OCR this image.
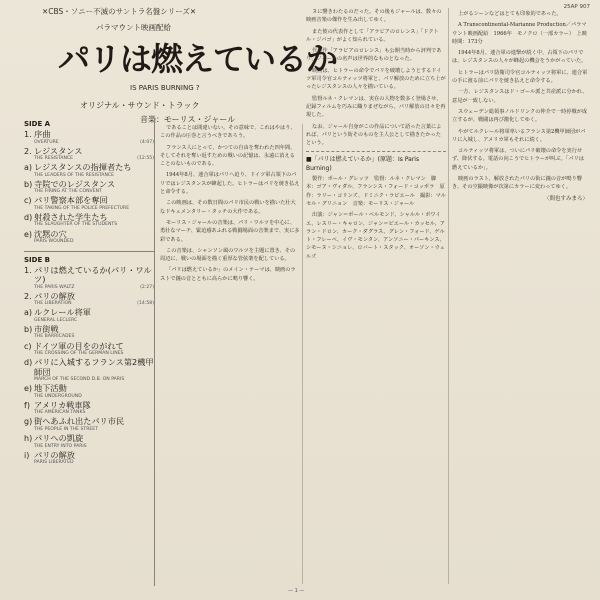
✕CBS・ソニー不滅のサントラ名盤シリーズ✕	25AP 907
パラマウント映画配給
パリは燃えているか
IS PARIS BURNING ?
オリジナル・サウンド・トラック
音楽：モーリス・ジャール
SIDE A
1. 序曲
OVERTURE	(4:07)
2. レジスタンス
THE RESISTANCE	(12:55)
a) レジスタンスの指揮者たち
THE LEADERS OF THE RESISTANCE
b) 寺院でのレジスタンス
THE FIRING AT THE CONVENT
c) パリ警察本部を奪回
THE TAKING OF THE POLICE PREFECTURE
d) 射殺された学生たち
THE SLAUGHTER OF THE STUDENTS
e) 沈黙の穴
PARIS WOUNDED
SIDE B
1. パリは燃えているか(パリ・ワルツ)
THE PARIS WALTZ	(2:27)
2. パリの解放
THE LIBERATION	(14:58)
a) ルクレール将軍
GENERAL LECLERC
b) 市街戦
THE BARRICADES
c) ドイツ軍の目をのがれて
THE CROSSING OF THE GERMAN LINES
d) パリに入城するフランス第2機甲師団
MARCH OF THE SECOND D.B. ON PARIS
e) 地下活動
THE UNDERGROUND
f) アメリカ戦車隊
THE AMERICAN TANKS
g) 街へあふれ出たパリ市民
THE PEOPLE IN THE STREET
h) パリへの凱旋
THE ENTRY INTO PARIS
i) パリの解放
PARIS LIBERATED

であることは間違いない。その意味で、これはやはり、この作品の圧巻と言うべきであろう。

フランス人にとって、かつての自由を奪われた四年間、そしてそれを奪い返すための戦いの記憶は、永遠に消えることのないものである。

1944年8月、連合軍はパリへ迫り、ドイツ軍占領下のパリではレジスタンスが蜂起した。ヒトラーはパリを焼き払えと命令する。

この映画は、その数日間のパリ市民の戦いを描いた壮大なドキュメンタリー・タッチの大作である。

モーリス・ジャールの音楽は、パリ・ワルツを中心に、勇壮なマーチ、緊迫感あふれる戦闘場面の音楽まで、実に多彩である。

この音楽は、シャンソン風のワルツを主題に置き、その周辺に、戦いの場面を描く重厚な管弦楽を配している。

「パリは燃えているか」のメイン・テーマは、映画のラストで鐘の音とともに高らかに鳴り響く。

ヌに響きわたるのだった。その後もジャールは、数々の映画音楽の傑作を生み出してゆく。

また彼の代表作として「アラビアのロレンス」「ドクトル・ジバゴ」がよく知られている。

代表作「アラビアのロレンス」も公開当時から評判であり、ジャールの名声は世界的なものとなった。

映画は、ヒトラーの命令でパリを破壊しようとするドイツ軍司令官コルティッツ将軍と、パリ解放のために立ち上がったレジスタンスの人々を描いている。

監督ルネ・クレマンは、実在の人物を数多く登場させ、記録フィルムを巧みに織りまぜながら、パリ解放の日々を再現した。

なお、ジャール自身がこの作品について語った言葉によれば、パリという街そのものを主人公として描きたかったという。

■「パリは燃えているか」(原題：Is Paris Burning)

製作：ポール・グレッツ　監督：ルネ・クレマン　脚本：ゴア・ヴィダル、フランシス・フォード・コッポラ　原作：ラリー・コリンズ、ドミニク・ラピエール　撮影：マルセル・グリニョン　音楽：モーリス・ジャール

出演：ジャン＝ポール・ベルモンド、シャルル・ボワイエ、レスリー・キャロン、ジャン＝ピエール・カッセル、アラン・ドロン、カーク・ダグラス、グレン・フォード、ゲルト・フレーベ、イヴ・モンタン、アンソニー・パーキンス、シモーヌ・シニョレ、ロバート・スタック、オーソン・ウェルズ

上がるシーンなどはとても印象的であった。

A Transcontinental-Marianne Production／パラマウント映画配給　1966年　モノクロ（一部カラー）　上映時間：173分

1944年8月、連合軍の進撃が続く中、占領下のパリでは、レジスタンスの人々が蜂起の機会をうかがっていた。

ヒトラーはパリ防衛司令官コルティッツ将軍に、連合軍の手に渡る前にパリを焼き払えと命令する。

一方、レジスタンスはド・ゴール派と共産派に分かれ、意見が一致しない。

スウェーデン総領事ノルドリンクの仲介で一時停戦が成立するが、戦闘は再び激化してゆく。

やがてルクレール将軍率いるフランス第2機甲師団がパリに入城し、アメリカ軍もそれに続く。

コルティッツ将軍は、ついにパリ破壊の命令を実行せず、降伏する。電話の向こうでヒトラーが叫ぶ。「パリは燃えているか」。

映画のラスト、解放されたパリの街に鐘の音が鳴り響き、その空撮映像が次第にカラーに変わってゆく。

〈間也すみまろ〉
— 1 —
